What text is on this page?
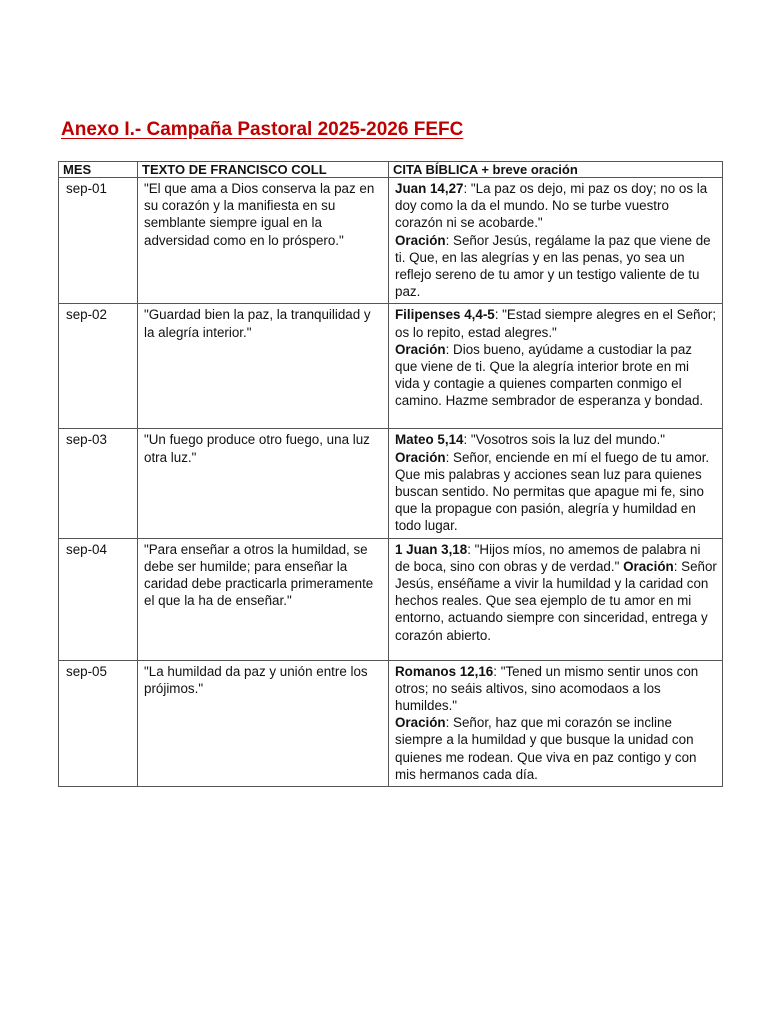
Anexo I.- Campaña Pastoral 2025-2026 FEFC
MES	TEXTO DE FRANCISCO COLL	CITA BÍBLICA + breve oración
sep-01	"El que ama a Dios conserva la paz en su corazón y la manifiesta en su semblante siempre igual en la adversidad como en lo próspero."	Juan 14,27: "La paz os dejo, mi paz os doy; no os la doy como la da el mundo. No se turbe vuestro corazón ni se acobarde."
Oración: Señor Jesús, regálame la paz que viene de ti. Que, en las alegrías y en las penas, yo sea un reflejo sereno de tu amor y un testigo valiente de tu paz.
sep-02	"Guardad bien la paz, la tranquilidad y la alegría interior."	Filipenses 4,4-5: "Estad siempre alegres en el Señor; os lo repito, estad alegres."
Oración: Dios bueno, ayúdame a custodiar la paz que viene de ti. Que la alegría interior brote en mi vida y contagie a quienes comparten conmigo el camino. Hazme sembrador de esperanza y bondad.
sep-03	"Un fuego produce otro fuego, una luz otra luz."	Mateo 5,14: "Vosotros sois la luz del mundo."
Oración: Señor, enciende en mí el fuego de tu amor. Que mis palabras y acciones sean luz para quienes buscan sentido. No permitas que apague mi fe, sino que la propague con pasión, alegría y humildad en todo lugar.
sep-04	"Para enseñar a otros la humildad, se debe ser humilde; para enseñar la caridad debe practicarla primeramente el que la ha de enseñar."	1 Juan 3,18: "Hijos míos, no amemos de palabra ni de boca, sino con obras y de verdad." Oración: Señor Jesús, enséñame a vivir la humildad y la caridad con hechos reales. Que sea ejemplo de tu amor en mi entorno, actuando siempre con sinceridad, entrega y corazón abierto.
sep-05	"La humildad da paz y unión entre los prójimos."	Romanos 12,16: "Tened un mismo sentir unos con otros; no seáis altivos, sino acomodaos a los humildes."
Oración: Señor, haz que mi corazón se incline siempre a la humildad y que busque la unidad con quienes me rodean. Que viva en paz contigo y con mis hermanos cada día.
